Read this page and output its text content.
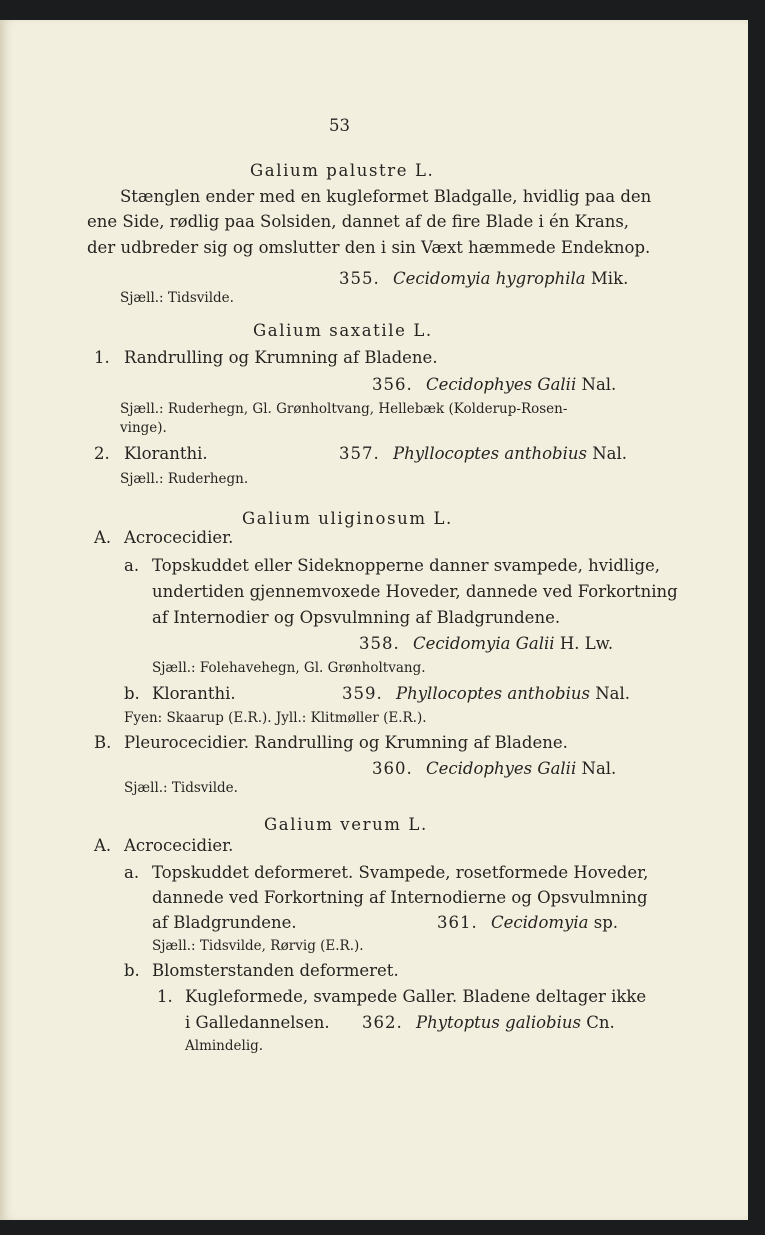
53
Galium palustre L.
Stænglen ender med en kugleformet Bladgalle, hvidlig paa den
ene Side, rødlig paa Solsiden, dannet af de fire Blade i én Krans,
der udbreder sig og omslutter den i sin Væxt hæmmede Endeknop.
355. Cecidomyia hygrophila Mik.
Sjæll.: Tidsvilde.
Galium saxatile L.
1. Randrulling og Krumning af Bladene.
356. Cecidophyes Galii Nal.
Sjæll.: Ruderhegn, Gl. Grønholtvang, Hellebæk (Kolderup-Rosen-
vinge).
2. Kloranthi.	357. Phyllocoptes anthobius Nal.
Sjæll.: Ruderhegn.
Galium uliginosum L.
A. Acrocecidier.
a. Topskuddet eller Sideknopperne danner svampede, hvidlige,
undertiden gjennemvoxede Hoveder, dannede ved Forkortning
af Internodier og Opsvulmning af Bladgrundene.
358. Cecidomyia Galii H. Lw.
Sjæll.: Folehavehegn, Gl. Grønholtvang.
b. Kloranthi.	359. Phyllocoptes anthobius Nal.
Fyen: Skaarup (E.R.). Jyll.: Klitmøller (E.R.).
B. Pleurocecidier. Randrulling og Krumning af Bladene.
360. Cecidophyes Galii Nal.
Sjæll.: Tidsvilde.
Galium verum L.
A. Acrocecidier.
a. Topskuddet deformeret. Svampede, rosetformede Hoveder,
dannede ved Forkortning af Internodierne og Opsvulmning
af Bladgrundene.	361. Cecidomyia sp.
Sjæll.: Tidsvilde, Rørvig (E.R.).
b. Blomsterstanden deformeret.
1. Kugleformede, svampede Galler. Bladene deltager ikke
i Galledannelsen. 362. Phytoptus galiobius Cn.
Almindelig.
